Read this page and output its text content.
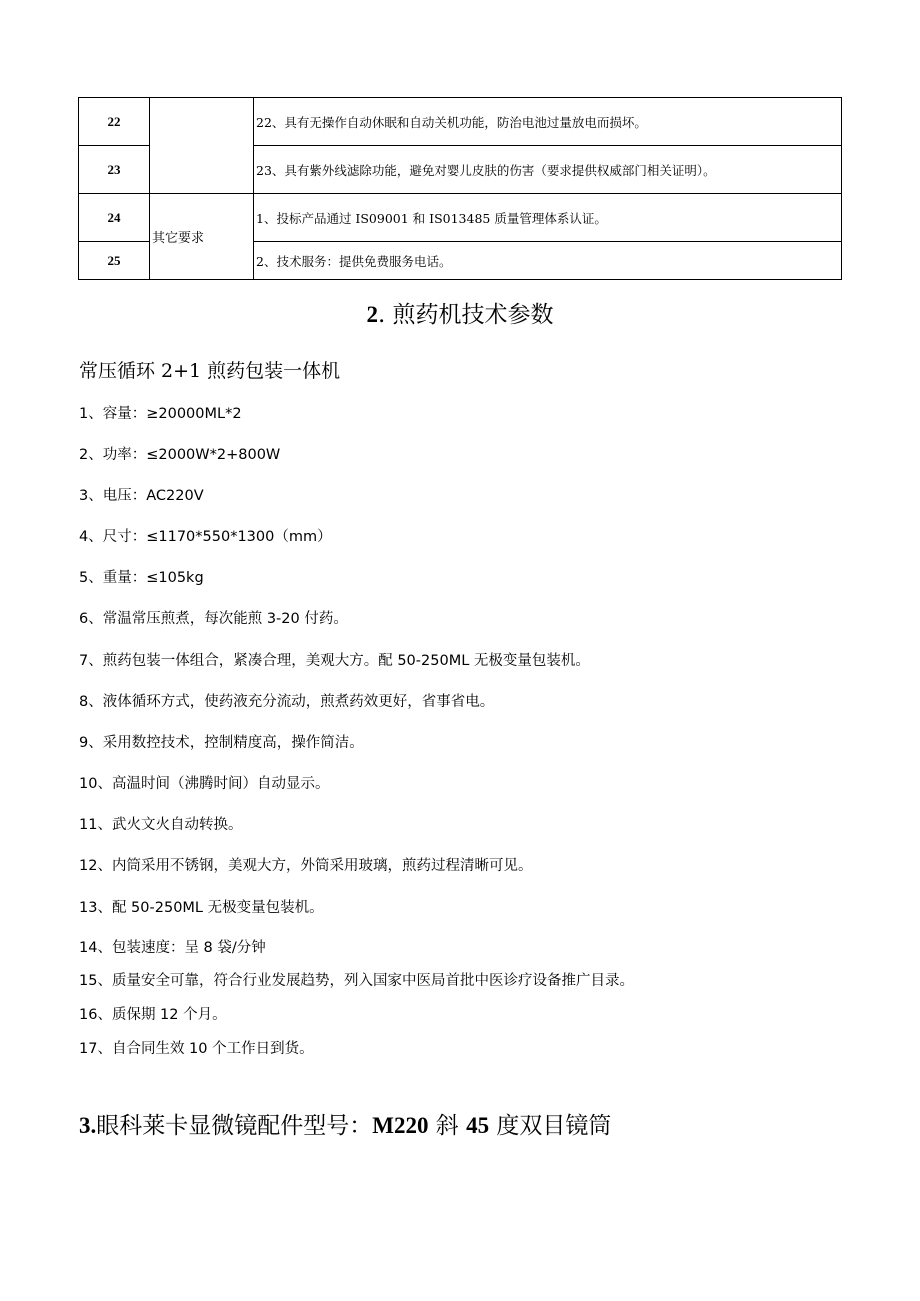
22		22、具有无操作自动休眠和自动关机功能，防治电池过量放电而损坏。
23		23、具有紫外线滤除功能，避免对婴儿皮肤的伤害（要求提供权威部门相关证明）。
24	其它要求	1、投标产品通过 IS09001 和 IS013485 质量管理体系认证。
25		2、技术服务：提供免费服务电话。
2. 煎药机技术参数
常压循环 2+1 煎药包装一体机
1、容量：≥20000ML*2
2、功率：≤2000W*2+800W
3、电压：AC220V
4、尺寸：≤1170*550*1300（mm）
5、重量：≤105kg
6、常温常压煎煮，每次能煎 3-20 付药。
7、煎药包装一体组合，紧凑合理，美观大方。配 50-250ML 无极变量包装机。
8、液体循环方式，使药液充分流动，煎煮药效更好，省事省电。
9、采用数控技术，控制精度高，操作简洁。
10、高温时间（沸腾时间）自动显示。
11、武火文火自动转换。
12、内筒采用不锈钢，美观大方，外筒采用玻璃，煎药过程清晰可见。
13、配 50-250ML 无极变量包装机。
14、包装速度：呈 8 袋/分钟
15、质量安全可靠，符合行业发展趋势，列入国家中医局首批中医诊疗设备推广目录。
16、质保期 12 个月。
17、自合同生效 10 个工作日到货。
3.眼科莱卡显微镜配件型号：M220 斜 45 度双目镜筒
